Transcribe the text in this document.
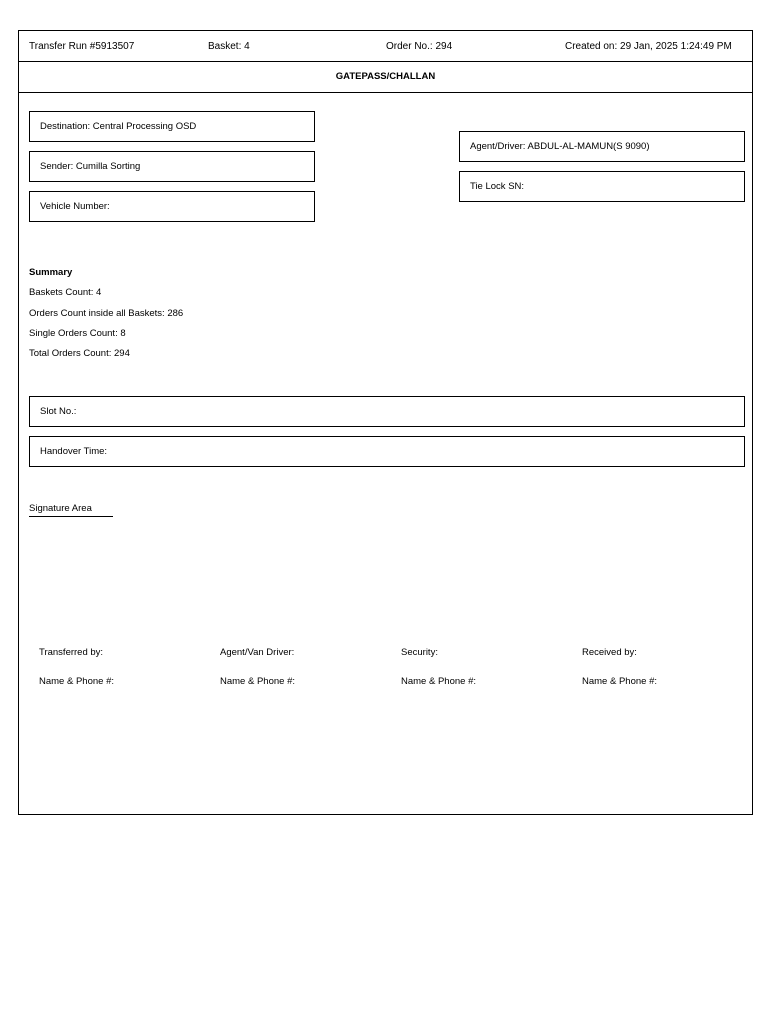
Transfer Run #5913507	Basket: 4	Order No.: 294	Created on: 29 Jan, 2025 1:24:49 PM
GATEPASS/CHALLAN
Destination: Central Processing OSD
Sender: Cumilla Sorting
Vehicle Number:
Agent/Driver: ABDUL-AL-MAMUN(S 9090)
Tie Lock SN:
Summary
Baskets Count: 4
Orders Count inside all Baskets: 286
Single Orders Count: 8
Total Orders Count: 294
Slot No.:
Handover Time:
Signature Area
Transferred by:	Agent/Van Driver:	Security:	Received by:
Name & Phone #:	Name & Phone #:	Name & Phone #:	Name & Phone #:
